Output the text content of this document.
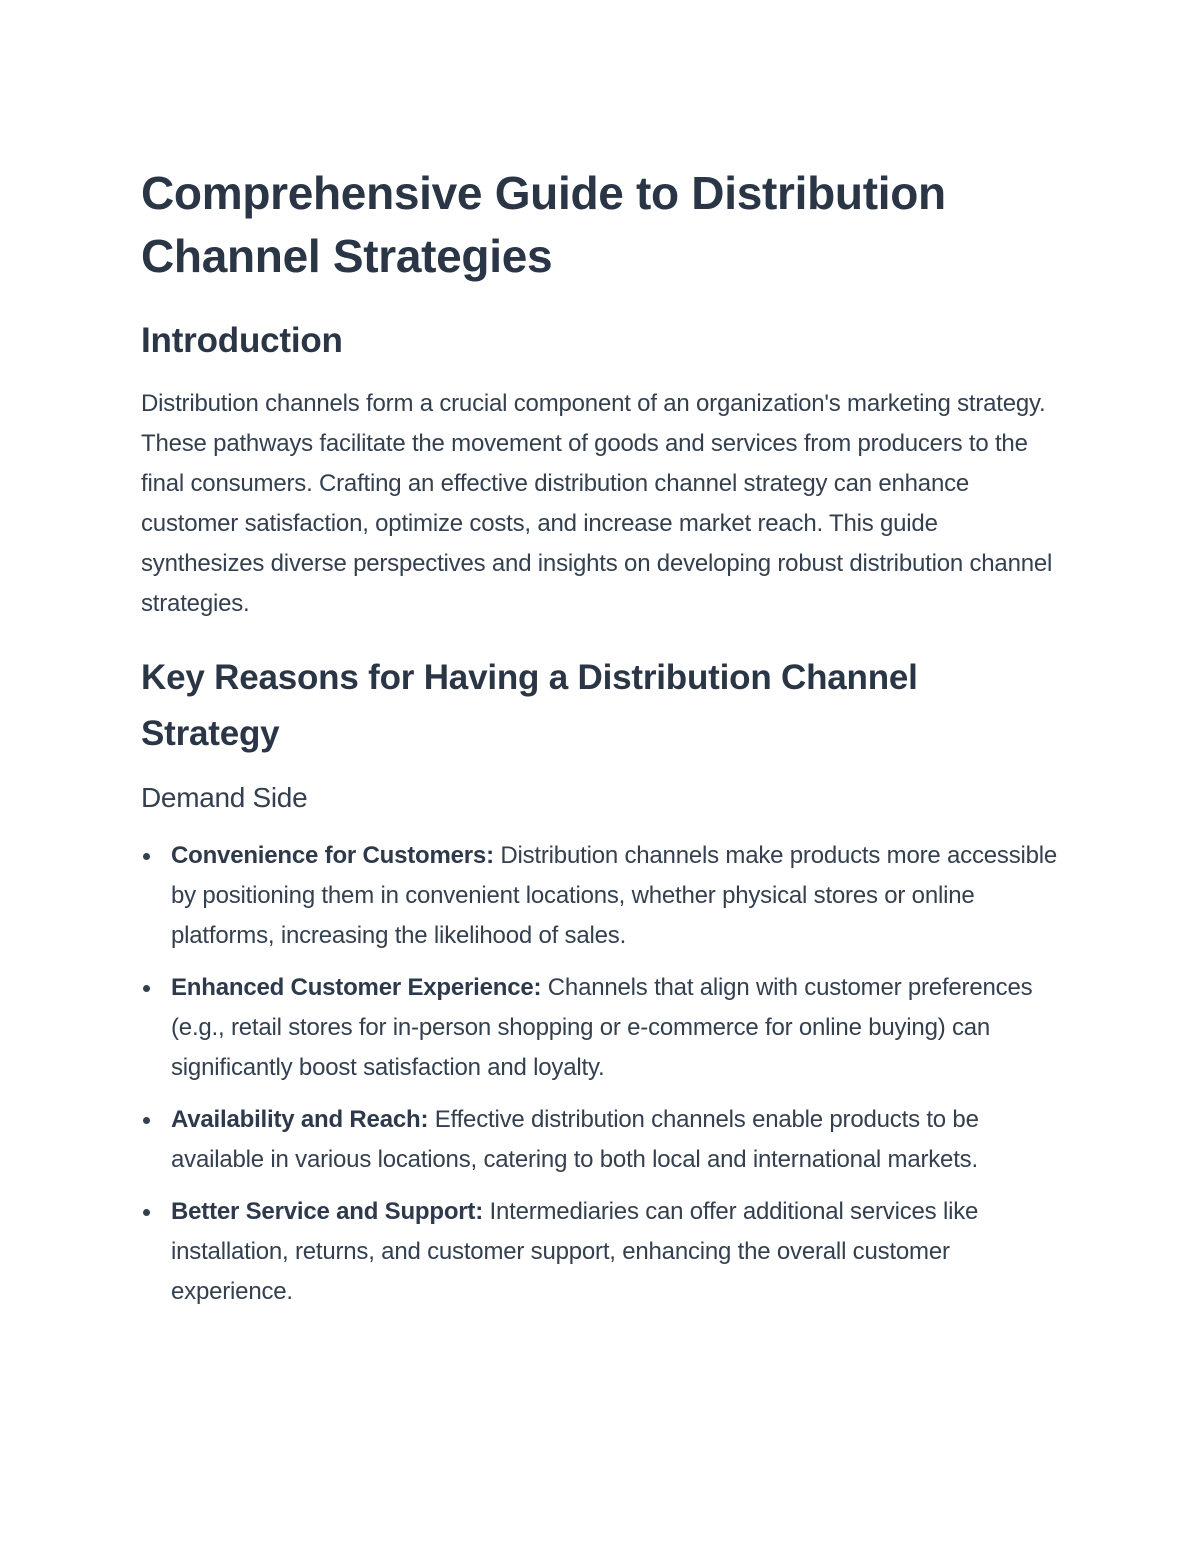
Comprehensive Guide to Distribution Channel Strategies
Introduction

Distribution channels form a crucial component of an organization's marketing strategy. These pathways facilitate the movement of goods and services from producers to the final consumers. Crafting an effective distribution channel strategy can enhance customer satisfaction, optimize costs, and increase market reach. This guide synthesizes diverse perspectives and insights on developing robust distribution channel strategies.

Key Reasons for Having a Distribution Channel Strategy
Demand Side
Convenience for Customers: Distribution channels make products more accessible by positioning them in convenient locations, whether physical stores or online platforms, increasing the likelihood of sales.
Enhanced Customer Experience: Channels that align with customer preferences (e.g., retail stores for in-person shopping or e-commerce for online buying) can significantly boost satisfaction and loyalty.
Availability and Reach: Effective distribution channels enable products to be available in various locations, catering to both local and international markets.
Better Service and Support: Intermediaries can offer additional services like installation, returns, and customer support, enhancing the overall customer experience.
